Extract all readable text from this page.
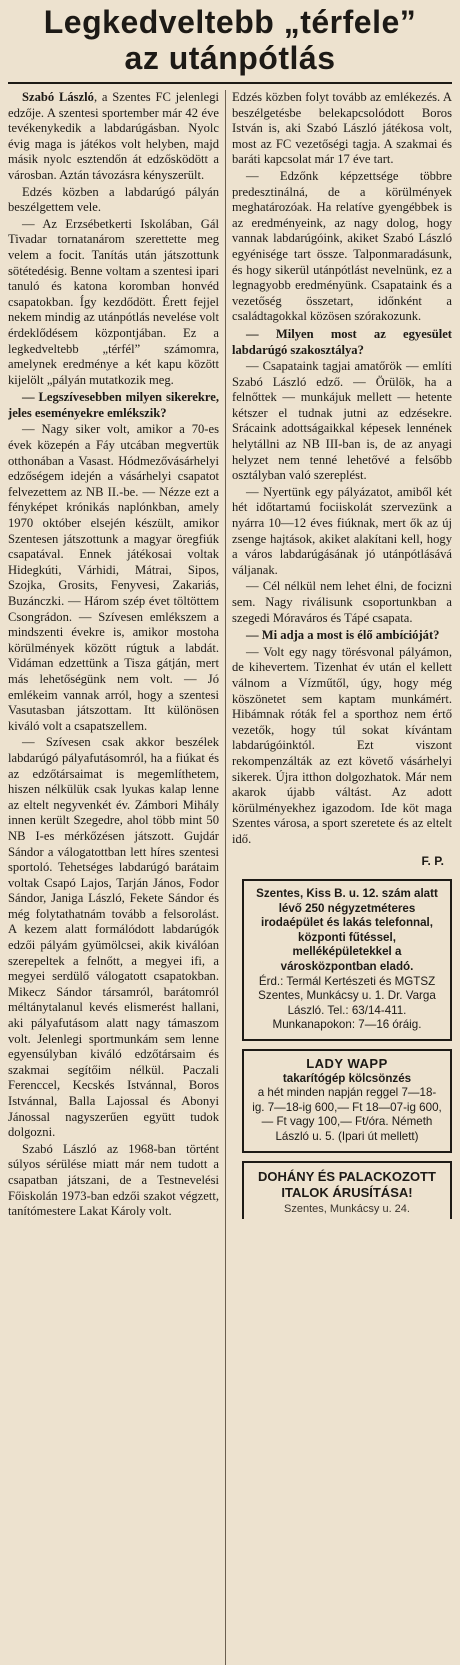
Legkedveltebb „térfele”
az utánpótlás

Szabó László, a Szentes FC jelenlegi edzője. A szentesi sportember már 42 éve tevékenykedik a labdarúgásban. Nyolc évig maga is játékos volt helyben, majd másik nyolc esztendőn át edzősködött a városban. Aztán távozásra kényszerült.

Edzés közben a labdarúgó pályán beszélgettem vele.

— Az Erzsébetkerti Iskolában, Gál Tivadar tornatanárom szerettette meg velem a focit. Tanítás után játszottunk sötétedésig. Benne voltam a szentesi ipari tanuló és katona koromban honvéd csapatokban. Így kezdődött. Érett fejjel nekem mindig az utánpótlás nevelése volt érdeklődésem központjában. Ez a legkedveltebb „térfél” számomra, amelynek eredménye a két kapu között kijelölt „pályán mutatkozik meg.

— Legszívesebben milyen sikerekre, jeles eseményekre emlékszik?

— Nagy siker volt, amikor a 70-es évek közepén a Fáy utcában megvertük otthonában a Vasast. Hódmezővásárhelyi edzőségem idején a vásárhelyi csapatot felvezettem az NB II.-be. — Nézze ezt a fényképet krónikás naplónkban, amely 1970 október elsején készült, amikor Szentesen játszottunk a magyar öregfiúk csapatával. Ennek játékosai voltak Hidegkúti, Várhidi, Mátrai, Sipos, Szojka, Grosits, Fenyvesi, Zakariás, Buzánczki. — Három szép évet töltöttem Csongrádon. — Szívesen emlékszem a mindszenti évekre is, amikor mostoha körülmények között rúgtuk a labdát. Vidáman edzettünk a Tisza gátján, mert más lehetőségünk nem volt. — Jó emlékeim vannak arról, hogy a szentesi Vasutasban játszottam. Itt különösen kiváló volt a csapatszellem.

— Szívesen csak akkor beszélek labdarúgó pályafutásomról, ha a fiúkat és az edzőtársaimat is megemlíthetem, hiszen nélkülük csak lyukas kalap lenne az eltelt negyvenkét év. Zámbori Mihály innen került Szegedre, ahol több mint 50 NB I-es mérkőzésen játszott. Gujdár Sándor a válogatottban lett híres szentesi sportoló. Tehetséges labdarúgó barátaim voltak Csapó Lajos, Tarján János, Fodor Sándor, Janiga László, Fekete Sándor és még folytathatnám tovább a felsorolást. A kezem alatt formálódott labdarúgók edzői pályám gyümölcsei, akik kiválóan szerepeltek a felnőtt, a megyei ifi, a megyei serdülő válogatott csapatokban. Mikecz Sándor társamról, barátomról méltánytalanul kevés elismerést hallani, aki pályafutásom alatt nagy támaszom volt. Jelenlegi sportmunkám sem lenne egyensúlyban kiváló edzőtársaim és szakmai segítőim nélkül. Paczali Ferenccel, Kecskés Istvánnal, Boros Istvánnal, Balla Lajossal és Abonyi Jánossal nagyszerűen együtt tudok dolgozni.

Szabó László az 1968-ban történt súlyos sérülése miatt már nem tudott a csapatban játszani, de a Testnevelési Főiskolán 1973-ban edzői szakot végzett, tanítómestere Lakat Károly volt.

Edzés közben folyt tovább az emlékezés. A beszélgetésbe belekapcsolódott Boros István is, aki Szabó László játékosa volt, most az FC vezetőségi tagja. A szakmai és baráti kapcsolat már 17 éve tart.

— Edzőnk képzettsége többre predesztinálná, de a körülmények meghatározóak. Ha relatíve gyengébbek is az eredményeink, az nagy dolog, hogy vannak labdarúgóink, akiket Szabó László egyénisége tart össze. Talponmaradásunk, és hogy sikerül utánpótlást nevelnünk, ez a legnagyobb eredményünk. Csapataink és a vezetőség összetart, időnként a családtagokkal közösen szórakozunk.

— Milyen most az egyesület labdarúgó szakosztálya?

— Csapataink tagjai amatőrök — említi Szabó László edző. — Örülök, ha a felnőttek — munkájuk mellett — hetente kétszer el tudnak jutni az edzésekre. Srácaink adottságaikkal képesek lennének helytállni az NB III-ban is, de az anyagi helyzet nem tenné lehetővé a felsőbb osztályban való szereplést.

— Nyertünk egy pályázatot, amiből két hét időtartamú fociiskolát szervezünk a nyárra 10—12 éves fiúknak, mert ők az új zsenge hajtások, akiket alakítani kell, hogy a város labdarúgásának jó utánpótlásává váljanak.

— Cél nélkül nem lehet élni, de focizni sem. Nagy riválisunk csoportunkban a szegedi Móraváros és Tápé csapata.

— Mi adja a most is élő ambícióját?

— Volt egy nagy törésvonal pályámon, de kihevertem. Tizenhat év után el kellett válnom a Vízműtől, úgy, hogy még köszönetet sem kaptam munkámért. Hibámnak róták fel a sporthoz nem értő vezetők, hogy túl sokat kívántam labdarúgóinktól. Ezt viszont rekompenzálták az ezt követő vásárhelyi sikerek. Újra itthon dolgozhatok. Már nem akarok újabb váltást. Az adott körülményekhez igazodom. Ide köt maga Szentes városa, a sport szeretete és az eltelt idő.

F. P.

Szentes, Kiss B. u. 12. szám alatt lévő 250 négyzetméteres irodaépület és lakás telefonnal, központi fűtéssel, melléképületekkel a városközpontban eladó.
Érd.: Termál Kertészeti és MGTSZ Szentes, Munkácsy u. 1. Dr. Varga László. Tel.: 63/14-411. Munkanapokon: 7—16 óráig.
LADY WAPP
takarítógép kölcsönzés
a hét minden napján reggel 7—18-ig. 7—18-ig 600,— Ft 18—07-ig 600,— Ft vagy 100,— Ft/óra. Németh László u. 5. (Ipari út mellett)
DOHÁNY ÉS PALACKOZOTT ITALOK ÁRUSÍTÁSA!
Szentes, Munkácsy u. 24.
